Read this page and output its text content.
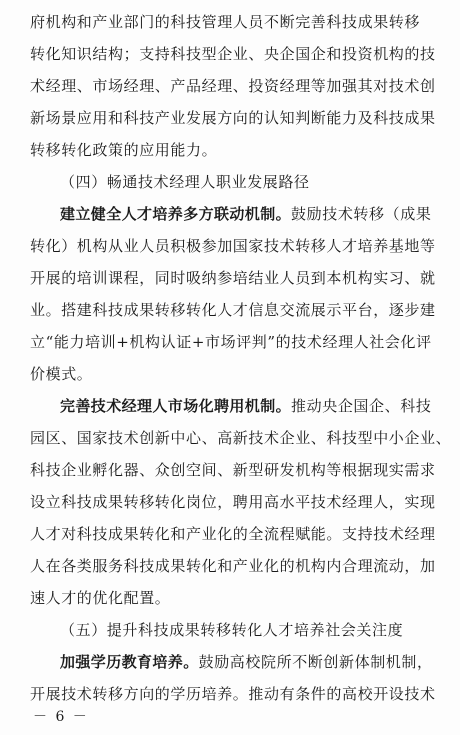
府机构和产业部门的科技管理人员不断完善科技成果转移
转化知识结构；支持科技型企业、央企国企和投资机构的技
术经理、市场经理、产品经理、投资经理等加强其对技术创
新场景应用和科技产业发展方向的认知判断能力及科技成果
转移转化政策的应用能力。
（四）畅通技术经理人职业发展路径
建立健全人才培养多方联动机制。鼓励技术转移（成果
转化）机构从业人员积极参加国家技术转移人才培养基地等
开展的培训课程，同时吸纳参培结业人员到本机构实习、就
业。搭建科技成果转移转化人才信息交流展示平台，逐步建
立“能力培训+机构认证+市场评判”的技术经理人社会化评
价模式。
完善技术经理人市场化聘用机制。推动央企国企、科技
园区、国家技术创新中心、高新技术企业、科技型中小企业、
科技企业孵化器、众创空间、新型研发机构等根据现实需求
设立科技成果转移转化岗位，聘用高水平技术经理人，实现
人才对科技成果转化和产业化的全流程赋能。支持技术经理
人在各类服务科技成果转化和产业化的机构内合理流动，加
速人才的优化配置。
（五）提升科技成果转移转化人才培养社会关注度
加强学历教育培养。鼓励高校院所不断创新体制机制，
开展技术转移方向的学历培养。推动有条件的高校开设技术
－ 6 －
